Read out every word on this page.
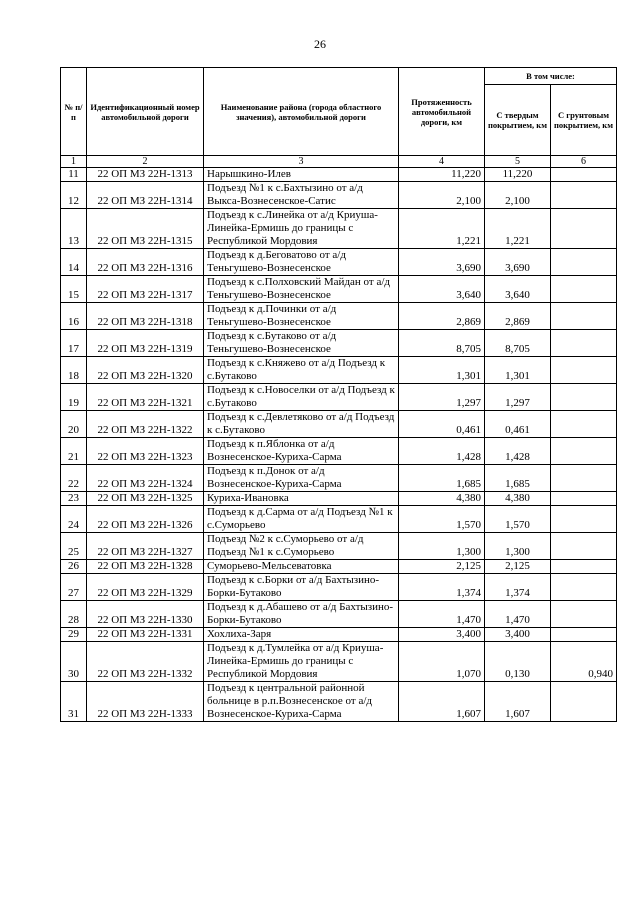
26
№ п/п	Идентификационный номер автомобильной дороги	Наименование района (города областного значения), автомобильной дороги	Протяженность автомобильной дороги, км	В том числе:	
				С твердым покрытием, км	С грунтовым покрытием, км
1	2	3	4	5	6
11	22 ОП МЗ 22Н-1313	Нарышкино-Илев	11,220	11,220	
12	22 ОП МЗ 22Н-1314	Подъезд №1 к с.Бахтызино от а/д Выкса-Вознесенское-Сатис	2,100	2,100	
13	22 ОП МЗ 22Н-1315	Подъезд к с.Линейка от а/д Криуша-Линейка-Ермишь до границы с Республикой Мордовия	1,221	1,221	
14	22 ОП МЗ 22Н-1316	Подъезд к д.Беговатово от а/д Теньгушево-Вознесенское	3,690	3,690	
15	22 ОП МЗ 22Н-1317	Подъезд к с.Полховский Майдан от а/д Теньгушево-Вознесенское	3,640	3,640	
16	22 ОП МЗ 22Н-1318	Подъезд к д.Починки от а/д Теньгушево-Вознесенское	2,869	2,869	
17	22 ОП МЗ 22Н-1319	Подъезд к с.Бутаково от а/д Теньгушево-Вознесенское	8,705	8,705	
18	22 ОП МЗ 22Н-1320	Подъезд к с.Княжево от а/д Подъезд к с.Бутаково	1,301	1,301	
19	22 ОП МЗ 22Н-1321	Подъезд к с.Новоселки от а/д Подъезд к с.Бутаково	1,297	1,297	
20	22 ОП МЗ 22Н-1322	Подъезд к с.Девлетяково от а/д Подъезд к с.Бутаково	0,461	0,461	
21	22 ОП МЗ 22Н-1323	Подъезд к п.Яблонка от а/д Вознесенское-Куриха-Сарма	1,428	1,428	
22	22 ОП МЗ 22Н-1324	Подъезд к п.Донок от а/д Вознесенское-Куриха-Сарма	1,685	1,685	
23	22 ОП МЗ 22Н-1325	Куриха-Ивановка	4,380	4,380	
24	22 ОП МЗ 22Н-1326	Подъезд к д.Сарма от а/д Подъезд №1 к с.Суморьево	1,570	1,570	
25	22 ОП МЗ 22Н-1327	Подъезд №2 к с.Суморьево от а/д Подъезд №1 к с.Суморьево	1,300	1,300	
26	22 ОП МЗ 22Н-1328	Суморьево-Мельсеватовка	2,125	2,125	
27	22 ОП МЗ 22Н-1329	Подъезд к с.Борки от а/д Бахтызино-Борки-Бутаково	1,374	1,374	
28	22 ОП МЗ 22Н-1330	Подъезд к д.Абашево от а/д Бахтызино-Борки-Бутаково	1,470	1,470	
29	22 ОП МЗ 22Н-1331	Хохлиха-Заря	3,400	3,400	
30	22 ОП МЗ 22Н-1332	Подъезд к д.Тумлейка от а/д Криуша-Линейка-Ермишь до границы с Республикой Мордовия	1,070	0,130	0,940
31	22 ОП МЗ 22Н-1333	Подъезд к центральной районной больнице в р.п.Вознесенское от а/д Вознесенское-Куриха-Сарма	1,607	1,607	
